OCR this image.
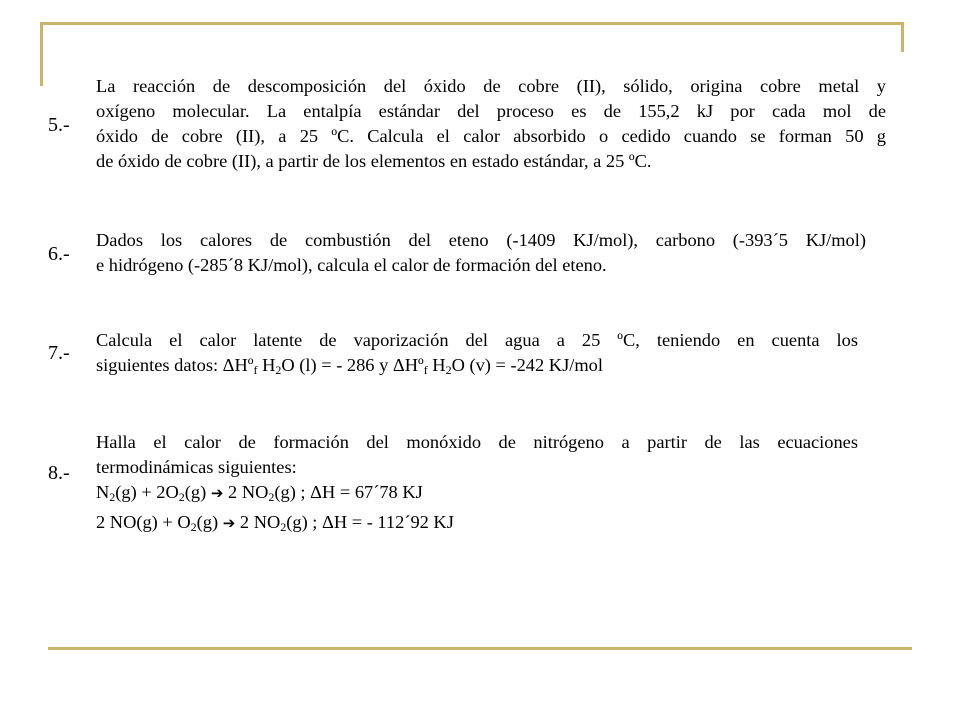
5.-
La reacción de descomposición del óxido de cobre (II), sólido, origina cobre metal y
oxígeno molecular. La entalpía estándar del proceso es de 155,2 kJ por cada mol de
óxido de cobre (II), a 25 ºC. Calcula el calor absorbido o cedido cuando se forman 50 g
de óxido de cobre (II), a partir de los elementos en estado estándar, a 25 ºC.
6.-
Dados los calores de combustión del eteno (-1409 KJ/mol), carbono (-393´5 KJ/mol)
e hidrógeno (-285´8 KJ/mol), calcula el calor de formación del eteno.
7.-
Calcula el calor latente de vaporización del agua a 25 ºC, teniendo en cuenta los
siguientes datos: ΔHº$_f$ $H_2O$ (l) = - 286 y ΔHº$_f$ $H_2O$ (v) = -242 KJ/mol
8.-
Halla el calor de formación del monóxido de nitrógeno a partir de las ecuaciones
termodinámicas siguientes:
$N_2(g) + 2O_2(g)$ ➔ 2 $NO_2(g)$ ; ΔH = 67´78 KJ
2 $NO(g) + O_2(g)$ ➔ 2 $NO_2(g)$ ; ΔH = - 112´92 KJ
